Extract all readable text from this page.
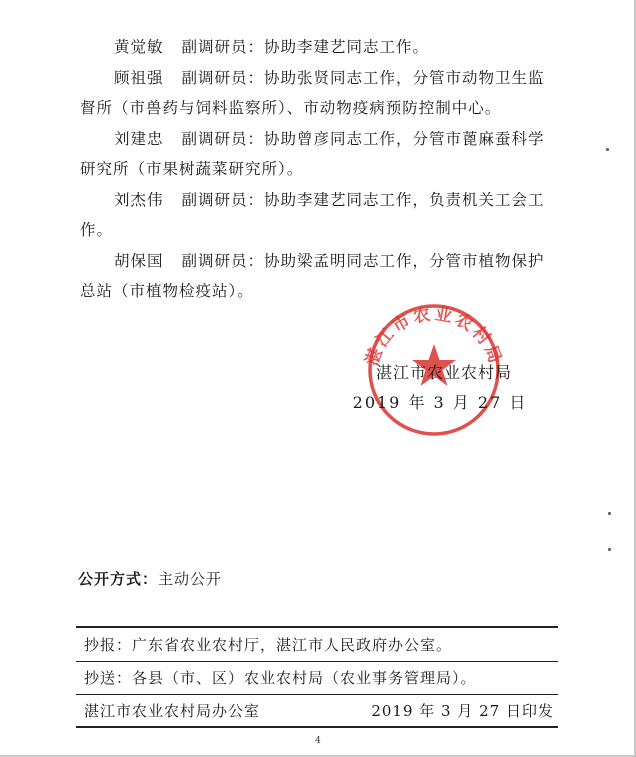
黄觉敏 副调研员：协助李建艺同志工作。

顾祖强 副调研员：协助张贤同志工作，分管市动物卫生监督所（市兽药与饲料监察所）、市动物疫病预防控制中心。

刘建忠 副调研员：协助曾彦同志工作，分管市蓖麻蚕科学研究所（市果树蔬菜研究所）。

刘杰伟 副调研员：协助李建艺同志工作，负责机关工会工作。

胡保国 副调研员：协助梁孟明同志工作，分管市植物保护总站（市植物检疫站）。

湛江市农业农村局
湛江市农业农村局
2019 年 3 月 27 日
公开方式：主动公开
抄报：广东省农业农村厅，湛江市人民政府办公室。
抄送：各县（市、区）农业农村局（农业事务管理局）。
湛江市农业农村局办公室	2019 年 3 月 27 日印发
4
